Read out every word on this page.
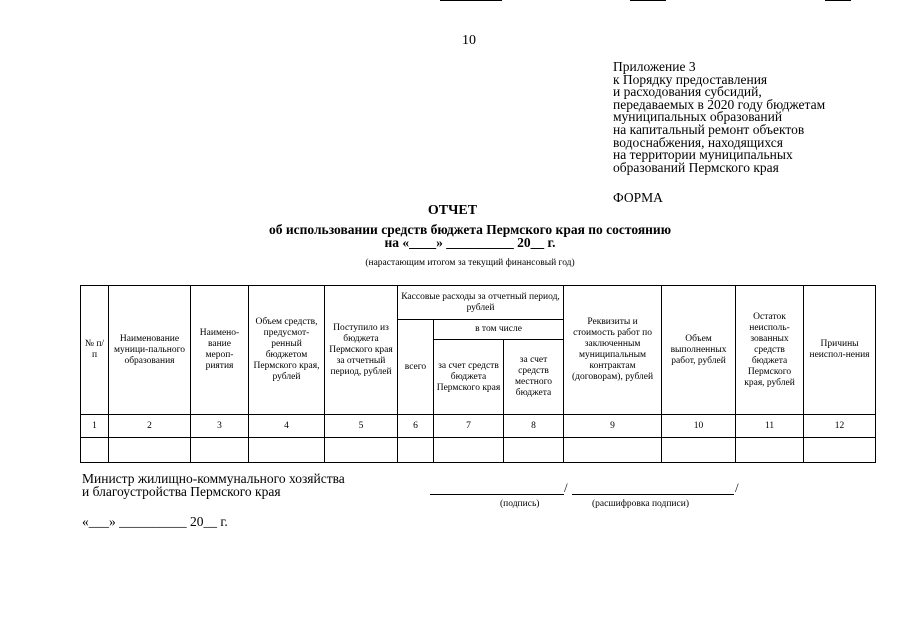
10
Приложение 3
к Порядку предоставления
и расходования субсидий,
передаваемых в 2020 году бюджетам
муниципальных образований
на капитальный ремонт объектов
водоснабжения, находящихся
на территории муниципальных
образований Пермского края
ФОРМА
ОТЧЕТ
об использовании средств бюджета Пермского края по состоянию
на «____» __________ 20__ г.
(нарастающим итогом за текущий финансовый год)
№ п/п	Наименование муници-пального образования	Наимено-вание мероп-риятия	Объем средств, предусмот-ренный бюджетом Пермского края, рублей	Поступило из бюджета Пермского края за отчетный период, рублей	Кассовые расходы за отчетный период, рублей			Реквизиты и стоимость работ по заключенным муниципальным контрактам (договорам), рублей	Объем выполненных работ, рублей	Остаток неисполь-зованных средств бюджета Пермского края, рублей	Причины неиспол-нения
					всего	в том числе					
						за счет средств бюджета Пермского края	за счет средств местного бюджета				
1	2	3	4	5	6	7	8	9	10	11	12

Министр жилищно-коммунального хозяйства
и благоустройства Пермского края	/	/
(подпись)	(расшифровка подписи)
«___» __________ 20__ г.
